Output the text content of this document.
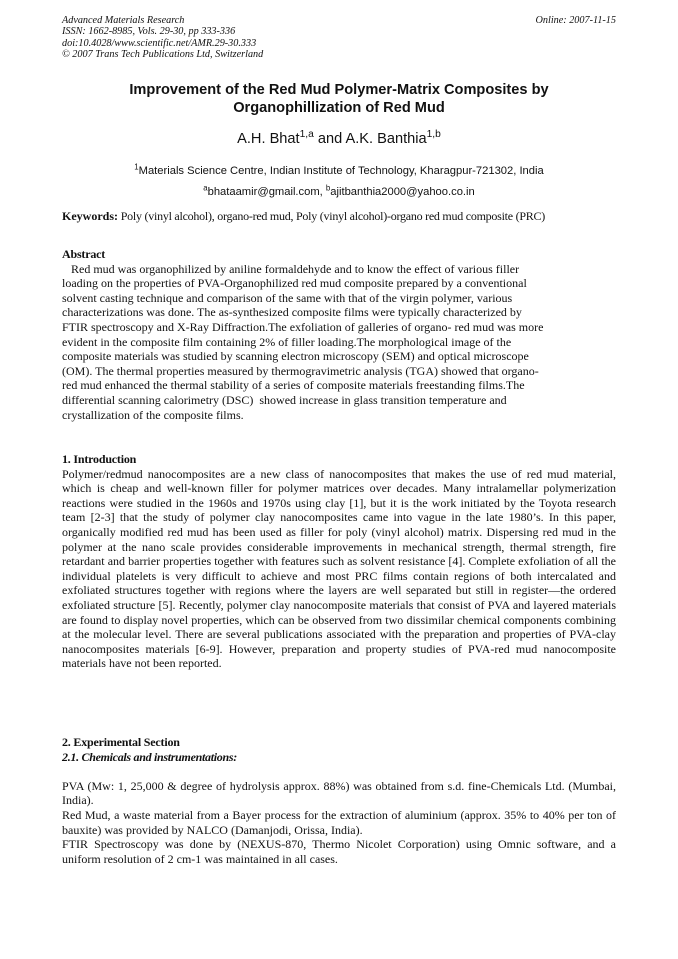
Advanced Materials Research
ISSN: 1662-8985, Vols. 29-30, pp 333-336
doi:10.4028/www.scientific.net/AMR.29-30.333
© 2007 Trans Tech Publications Ltd, Switzerland
Online: 2007-11-15
Improvement of the Red Mud Polymer-Matrix Composites by
Organophillization of Red Mud
A.H. Bhat$^{1,a}$ and A.K. Banthia$^{1,b}$
$^1$Materials Science Centre, Indian Institute of Technology, Kharagpur-721302, India
$^a$bhataamir@gmail.com, $^b$ajitbanthia2000@yahoo.co.in
Keywords: Poly (vinyl alcohol), organo-red mud, Poly (vinyl alcohol)-organo red mud composite (PRC)
Abstract
Red mud was organophilized by aniline formaldehyde and to know the effect of various filler
loading on the properties of PVA-Organophilized red mud composite prepared by a conventional
solvent casting technique and comparison of the same with that of the virgin polymer, various
characterizations was done. The as-synthesized composite films were typically characterized by
FTIR spectroscopy and X-Ray Diffraction.The exfoliation of galleries of organo- red mud was more
evident in the composite film containing 2% of filler loading.The morphological image of the
composite materials was studied by scanning electron microscopy (SEM) and optical microscope
(OM). The thermal properties measured by thermogravimetric analysis (TGA) showed that organo-
red mud enhanced the thermal stability of a series of composite materials freestanding films.The
differential scanning calorimetry (DSC)  showed increase in glass transition temperature and
crystallization of the composite films.
1. Introduction

Polymer/redmud nanocomposites are a new class of nanocomposites that makes the use of red mud material, which is cheap and well-known filler for polymer matrices over decades. Many intralamellar polymerization reactions were studied in the 1960s and 1970s using clay [1], but it is the work initiated by the Toyota research team [2-3] that the study of polymer clay nanocomposites came into vague in the late 1980’s. In this paper, organically modified red mud has been used as filler for poly (vinyl alcohol) matrix. Dispersing red mud in the polymer at the nano scale provides considerable improvements in mechanical strength, thermal strength, fire retardant and barrier properties together with features such as solvent resistance [4]. Complete exfoliation of all the individual platelets is very difficult to achieve and most PRC films contain regions of both intercalated and exfoliated structures together with regions where the layers are well separated but still in register—the ordered exfoliated structure [5]. Recently, polymer clay nanocomposite materials that consist of PVA and layered materials are found to display novel properties, which can be observed from two dissimilar chemical components combining at the molecular level. There are several publications associated with the preparation and properties of PVA-clay nanocomposites materials [6-9]. However, preparation and property studies of PVA-red mud nanocomposite materials have not been reported.

2. Experimental Section
2.1. Chemicals and instrumentations:

PVA (Mw: 1, 25,000 & degree of hydrolysis approx. 88%) was obtained from s.d. fine-Chemicals Ltd. (Mumbai, India).

Red Mud, a waste material from a Bayer process for the extraction of aluminium (approx. 35% to 40% per ton of bauxite) was provided by NALCO (Damanjodi, Orissa, India).

FTIR Spectroscopy was done by (NEXUS-870, Thermo Nicolet Corporation) using Omnic software, and a uniform resolution of 2 cm-1 was maintained in all cases.
